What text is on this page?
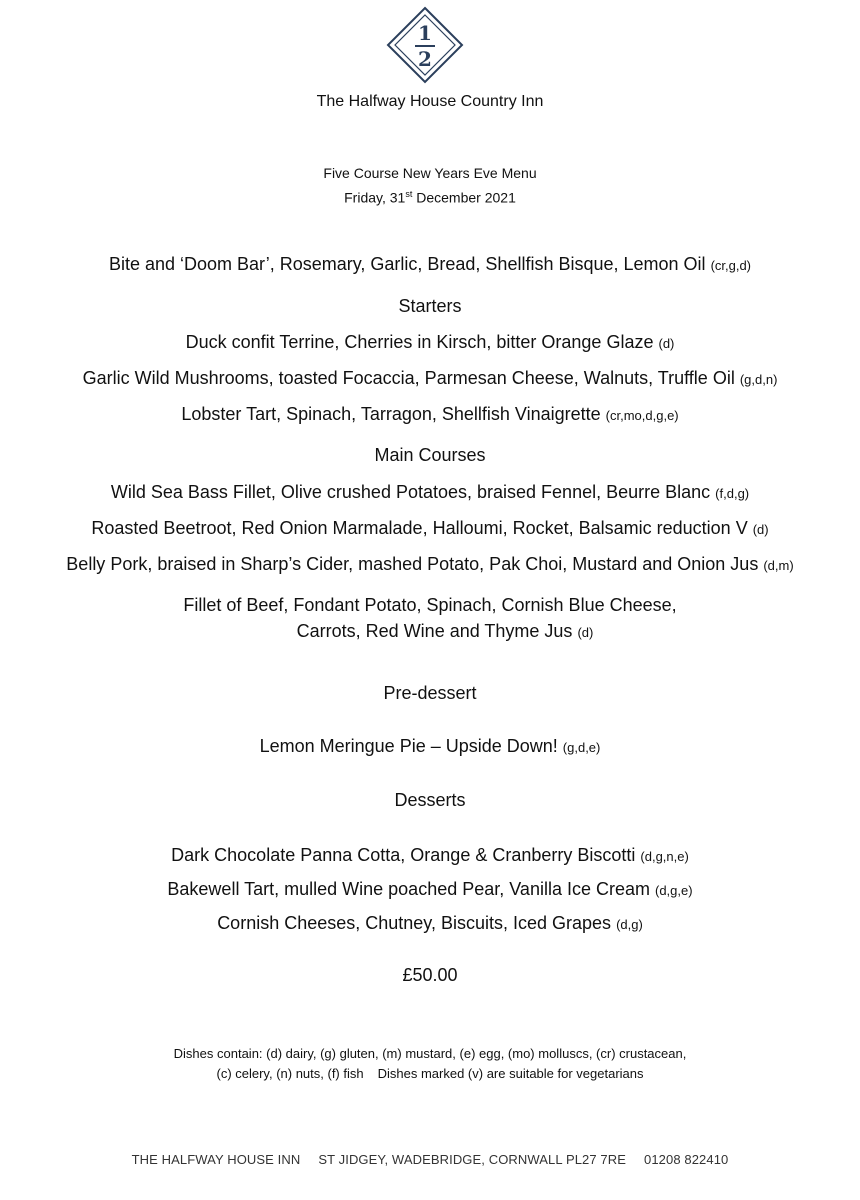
1
2
The Halfway House Country Inn
Five Course New Years Eve Menu
Friday, 31st December 2021
Bite and ‘Doom Bar’, Rosemary, Garlic, Bread, Shellfish Bisque, Lemon Oil (cr,g,d)
Starters
Duck confit Terrine, Cherries in Kirsch, bitter Orange Glaze (d)
Garlic Wild Mushrooms, toasted Focaccia, Parmesan Cheese, Walnuts, Truffle Oil (g,d,n)
Lobster Tart, Spinach, Tarragon, Shellfish Vinaigrette (cr,mo,d,g,e)
Main Courses
Wild Sea Bass Fillet, Olive crushed Potatoes, braised Fennel, Beurre Blanc (f,d,g)
Roasted Beetroot, Red Onion Marmalade, Halloumi, Rocket, Balsamic reduction V (d)
Belly Pork, braised in Sharp’s Cider, mashed Potato, Pak Choi, Mustard and Onion Jus (d,m)
Fillet of Beef, Fondant Potato, Spinach, Cornish Blue Cheese,
Carrots, Red Wine and Thyme Jus (d)
Pre-dessert
Lemon Meringue Pie – Upside Down! (g,d,e)
Desserts
Dark Chocolate Panna Cotta, Orange & Cranberry Biscotti (d,g,n,e)
Bakewell Tart, mulled Wine poached Pear, Vanilla Ice Cream (d,g,e)
Cornish Cheeses, Chutney, Biscuits, Iced Grapes (d,g)
£50.00
Dishes contain: (d) dairy, (g) gluten, (m) mustard, (e) egg, (mo) molluscs, (cr) crustacean,
(c) celery, (n) nuts, (f) fish Dishes marked (v) are suitable for vegetarians
THE HALFWAY HOUSE INN ST JIDGEY, WADEBRIDGE, CORNWALL PL27 7RE 01208 822410
